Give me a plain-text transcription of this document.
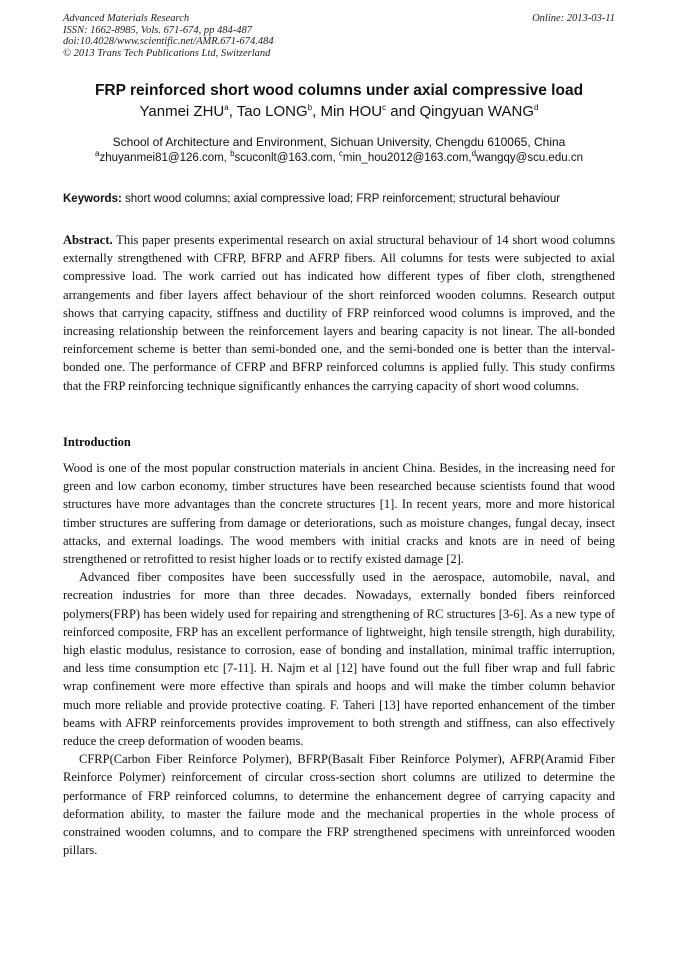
Advanced Materials Research
ISSN: 1662-8985, Vols. 671-674, pp 484-487
doi:10.4028/www.scientific.net/AMR.671-674.484
© 2013 Trans Tech Publications Ltd, Switzerland
Online: 2013-03-11
FRP reinforced short wood columns under axial compressive load
Yanmei ZHU$^a$, Tao LONG$^b$, Min HOU$^c$ and Qingyuan WANG$^d$
School of Architecture and Environment, Sichuan University, Chengdu 610065, China
$^a$zhuyanmei81@126.com, $^b$scuconlt@163.com, $^c$min_hou2012@163.com,$^d$wangqy@scu.edu.cn
Keywords: short wood columns; axial compressive load; FRP reinforcement; structural behaviour
Abstract. This paper presents experimental research on axial structural behaviour of 14 short wood columns externally strengthened with CFRP, BFRP and AFRP fibers. All columns for tests were subjected to axial compressive load. The work carried out has indicated how different types of fiber cloth, strengthened arrangements and fiber layers affect behaviour of the short reinforced wooden columns. Research output shows that carrying capacity, stiffness and ductility of FRP reinforced wood columns is improved, and the increasing relationship between the reinforcement layers and bearing capacity is not linear. The all-bonded reinforcement scheme is better than semi-bonded one, and the semi-bonded one is better than the interval-bonded one. The performance of CFRP and BFRP reinforced columns is applied fully. This study confirms that the FRP reinforcing technique significantly enhances the carrying capacity of short wood columns.
Introduction

Wood is one of the most popular construction materials in ancient China. Besides, in the increasing need for green and low carbon economy, timber structures have been researched because scientists found that wood structures have more advantages than the concrete structures [1]. In recent years, more and more historical timber structures are suffering from damage or deteriorations, such as moisture changes, fungal decay, insect attacks, and external loadings. The wood members with initial cracks and knots are in need of being strengthened or retrofitted to resist higher loads or to rectify existed damage [2].

Advanced fiber composites have been successfully used in the aerospace, automobile, naval, and recreation industries for more than three decades. Nowadays, externally bonded fibers reinforced polymers(FRP) has been widely used for repairing and strengthening of RC structures [3-6]. As a new type of reinforced composite, FRP has an excellent performance of lightweight, high tensile strength, high durability, high elastic modulus, resistance to corrosion, ease of bonding and installation, minimal traffic interruption, and less time consumption etc [7-11]. H. Najm et al [12] have found out the full fiber wrap and full fabric wrap confinement were more effective than spirals and hoops and will make the timber column behavior much more reliable and provide protective coating. F. Taheri [13] have reported enhancement of the timber beams with AFRP reinforcements provides improvement to both strength and stiffness, can also effectively reduce the creep deformation of wooden beams.

CFRP(Carbon Fiber Reinforce Polymer), BFRP(Basalt Fiber Reinforce Polymer), AFRP(Aramid Fiber Reinforce Polymer) reinforcement of circular cross-section short columns are utilized to determine the performance of FRP reinforced columns, to determine the enhancement degree of carrying capacity and deformation ability, to master the failure mode and the mechanical properties in the whole process of constrained wooden columns, and to compare the FRP strengthened specimens with unreinforced wooden pillars.
